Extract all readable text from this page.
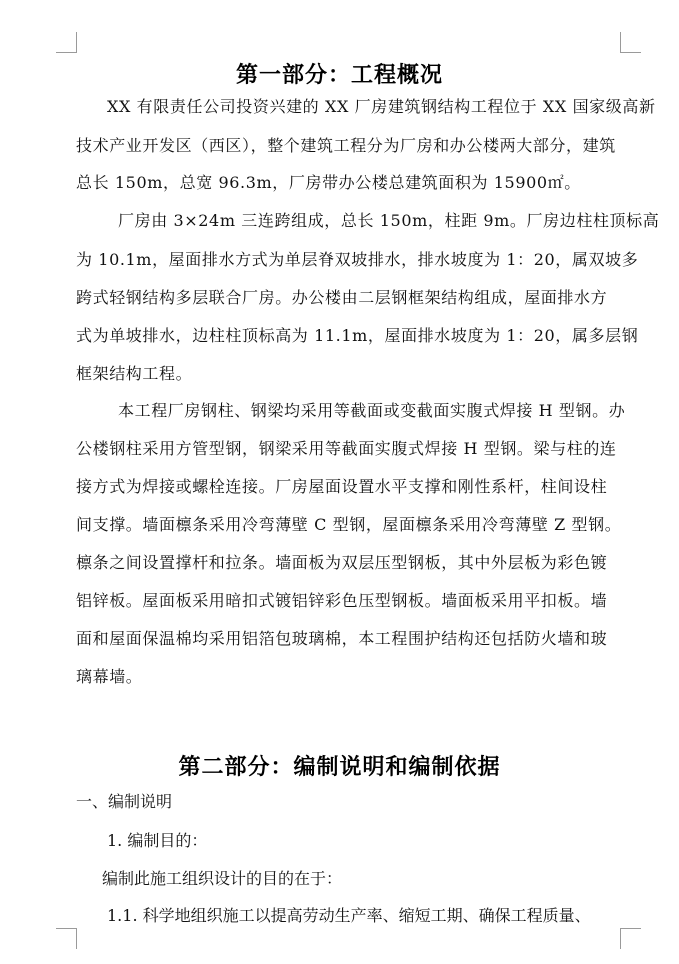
第一部分：工程概况
XX 有限责任公司投资兴建的 XX 厂房建筑钢结构工程位于 XX 国家级高新
技术产业开发区（西区），整个建筑工程分为厂房和办公楼两大部分，建筑
总长 150m，总宽 96.3m，厂房带办公楼总建筑面积为 15900㎡。
厂房由 3×24m 三连跨组成，总长 150m，柱距 9m。厂房边柱柱顶标高
为 10.1m，屋面排水方式为单层脊双坡排水，排水坡度为 1：20，属双坡多
跨式轻钢结构多层联合厂房。办公楼由二层钢框架结构组成，屋面排水方
式为单坡排水，边柱柱顶标高为 11.1m，屋面排水坡度为 1：20，属多层钢
框架结构工程。
本工程厂房钢柱、钢梁均采用等截面或变截面实腹式焊接 H 型钢。办
公楼钢柱采用方管型钢，钢梁采用等截面实腹式焊接 H 型钢。梁与柱的连
接方式为焊接或螺栓连接。厂房屋面设置水平支撑和刚性系杆，柱间设柱
间支撑。墙面檩条采用冷弯薄壁 C 型钢，屋面檩条采用冷弯薄壁 Z 型钢。
檩条之间设置撑杆和拉条。墙面板为双层压型钢板，其中外层板为彩色镀
铝锌板。屋面板采用暗扣式镀铝锌彩色压型钢板。墙面板采用平扣板。墙
面和屋面保温棉均采用铝箔包玻璃棉，本工程围护结构还包括防火墙和玻
璃幕墙。
第二部分：编制说明和编制依据
一、编制说明
1. 编制目的：
编制此施工组织设计的目的在于：
1.1. 科学地组织施工以提高劳动生产率、缩短工期、确保工程质量、
